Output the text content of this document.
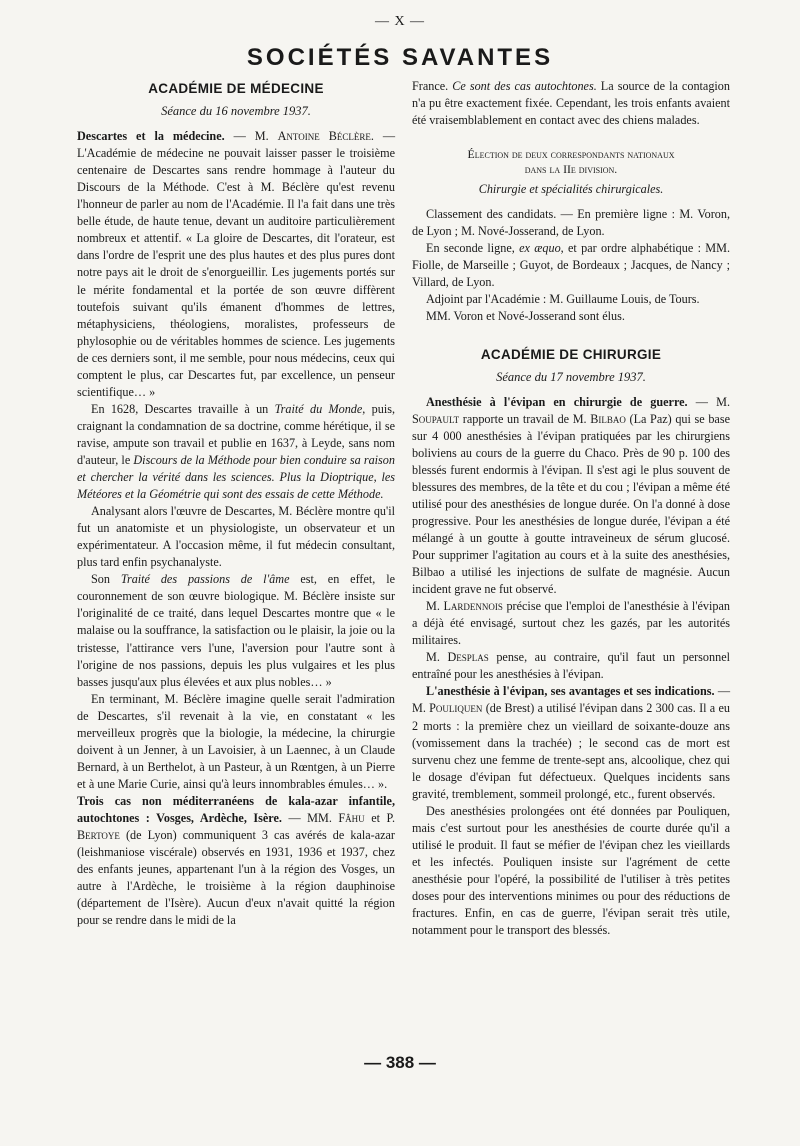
— X —
SOCIÉTÉS SAVANTES
ACADÉMIE DE MÉDECINE
Séance du 16 novembre 1937.

Descartes et la médecine. — M. Antoine Béclère. — L'Académie de médecine ne pouvait laisser passer le troisième centenaire de Descartes sans rendre hommage à l'auteur du Discours de la Méthode. C'est à M. Béclère qu'est revenu l'honneur de parler au nom de l'Académie. Il l'a fait dans une très belle étude, de haute tenue, devant un auditoire particulièrement nombreux et attentif. « La gloire de Descartes, dit l'orateur, est dans l'ordre de l'esprit une des plus hautes et des plus pures dont notre pays ait le droit de s'enorgueillir. Les jugements portés sur le mérite fondamental et la portée de son œuvre diffèrent toutefois suivant qu'ils émanent d'hommes de lettres, métaphysiciens, théologiens, moralistes, professeurs de phylosophie ou de véritables hommes de science. Les jugements de ces derniers sont, il me semble, pour nous médecins, ceux qui comptent le plus, car Descartes fut, par excellence, un penseur scientifique… »

En 1628, Descartes travaille à un Traité du Monde, puis, craignant la condamnation de sa doctrine, comme hérétique, il se ravise, ampute son travail et publie en 1637, à Leyde, sans nom d'auteur, le Discours de la Méthode pour bien conduire sa raison et chercher la vérité dans les sciences. Plus la Dioptrique, les Météores et la Géométrie qui sont des essais de cette Méthode.

Analysant alors l'œuvre de Descartes, M. Béclère montre qu'il fut un anatomiste et un physiologiste, un observateur et un expérimentateur. A l'occasion même, il fut médecin consultant, plus tard enfin psychanalyste.

Son Traité des passions de l'âme est, en effet, le couronnement de son œuvre biologique. M. Béclère insiste sur l'originalité de ce traité, dans lequel Descartes montre que « le malaise ou la souffrance, la satisfaction ou le plaisir, la joie ou la tristesse, l'attirance vers l'une, l'aversion pour l'autre sont à l'origine de nos passions, depuis les plus vulgaires et les plus basses jusqu'aux plus élevées et aux plus nobles… »

En terminant, M. Béclère imagine quelle serait l'admiration de Descartes, s'il revenait à la vie, en constatant « les merveilleux progrès que la biologie, la médecine, la chirurgie doivent à un Jenner, à un Lavoisier, à un Laennec, à un Claude Bernard, à un Berthelot, à un Pasteur, à un Rœntgen, à un Pierre et à une Marie Curie, ainsi qu'à leurs innombrables émules… ».

Trois cas non méditerranéens de kala-azar infantile, autochtones : Vosges, Ardèche, Isère. — MM. Fâhu et P. Bertoye (de Lyon) communiquent 3 cas avérés de kala-azar (leishmaniose viscérale) observés en 1931, 1936 et 1937, chez des enfants jeunes, appartenant l'un à la région des Vosges, un autre à l'Ardèche, le troisième à la région dauphinoise (département de l'Isère). Aucun d'eux n'avait quitté la région pour se rendre dans le midi de la

France. Ce sont des cas autochtones. La source de la contagion n'a pu être exactement fixée. Cependant, les trois enfants avaient été vraisemblablement en contact avec des chiens malades.

Élection de deux correspondants nationaux
dans la IIe division.
Chirurgie et spécialités chirurgicales.

Classement des candidats. — En première ligne : M. Voron, de Lyon ; M. Nové-Josserand, de Lyon.

En seconde ligne, ex æquo, et par ordre alphabétique : MM. Fiolle, de Marseille ; Guyot, de Bordeaux ; Jacques, de Nancy ; Villard, de Lyon.

Adjoint par l'Académie : M. Guillaume Louis, de Tours.

MM. Voron et Nové-Josserand sont élus.

ACADÉMIE DE CHIRURGIE
Séance du 17 novembre 1937.

Anesthésie à l'évipan en chirurgie de guerre. — M. Soupault rapporte un travail de M. Bilbao (La Paz) qui se base sur 4 000 anesthésies à l'évipan pratiquées par les chirurgiens boliviens au cours de la guerre du Chaco. Près de 90 p. 100 des blessés furent endormis à l'évipan. Il s'est agi le plus souvent de blessures des membres, de la tête et du cou ; l'évipan a même été utilisé pour des anesthésies de longue durée. On l'a donné à dose progressive. Pour les anesthésies de longue durée, l'évipan a été mélangé à un goutte à goutte intraveineux de sérum glucosé. Pour supprimer l'agitation au cours et à la suite des anesthésies, Bilbao a utilisé les injections de sulfate de magnésie. Aucun incident grave ne fut observé.

M. Lardennois précise que l'emploi de l'anesthésie à l'évipan a déjà été envisagé, surtout chez les gazés, par les autorités militaires.

M. Desplas pense, au contraire, qu'il faut un personnel entraîné pour les anesthésies à l'évipan.

L'anesthésie à l'évipan, ses avantages et ses indications. — M. Pouliquen (de Brest) a utilisé l'évipan dans 2 300 cas. Il a eu 2 morts : la première chez un vieillard de soixante-douze ans (vomissement dans la trachée) ; le second cas de mort est survenu chez une femme de trente-sept ans, alcoolique, chez qui le dosage d'évipan fut défectueux. Quelques incidents sans gravité, tremblement, sommeil prolongé, etc., furent observés.

Des anesthésies prolongées ont été données par Pouliquen, mais c'est surtout pour les anesthésies de courte durée qu'il a utilisé le produit. Il faut se méfier de l'évipan chez les vieillards et les infectés. Pouliquen insiste sur l'agrément de cette anesthésie pour l'opéré, la possibilité de l'utiliser à très petites doses pour des interventions minimes ou pour des réductions de fractures. Enfin, en cas de guerre, l'évipan serait très utile, notamment pour le transport des blessés.

— 388 —
